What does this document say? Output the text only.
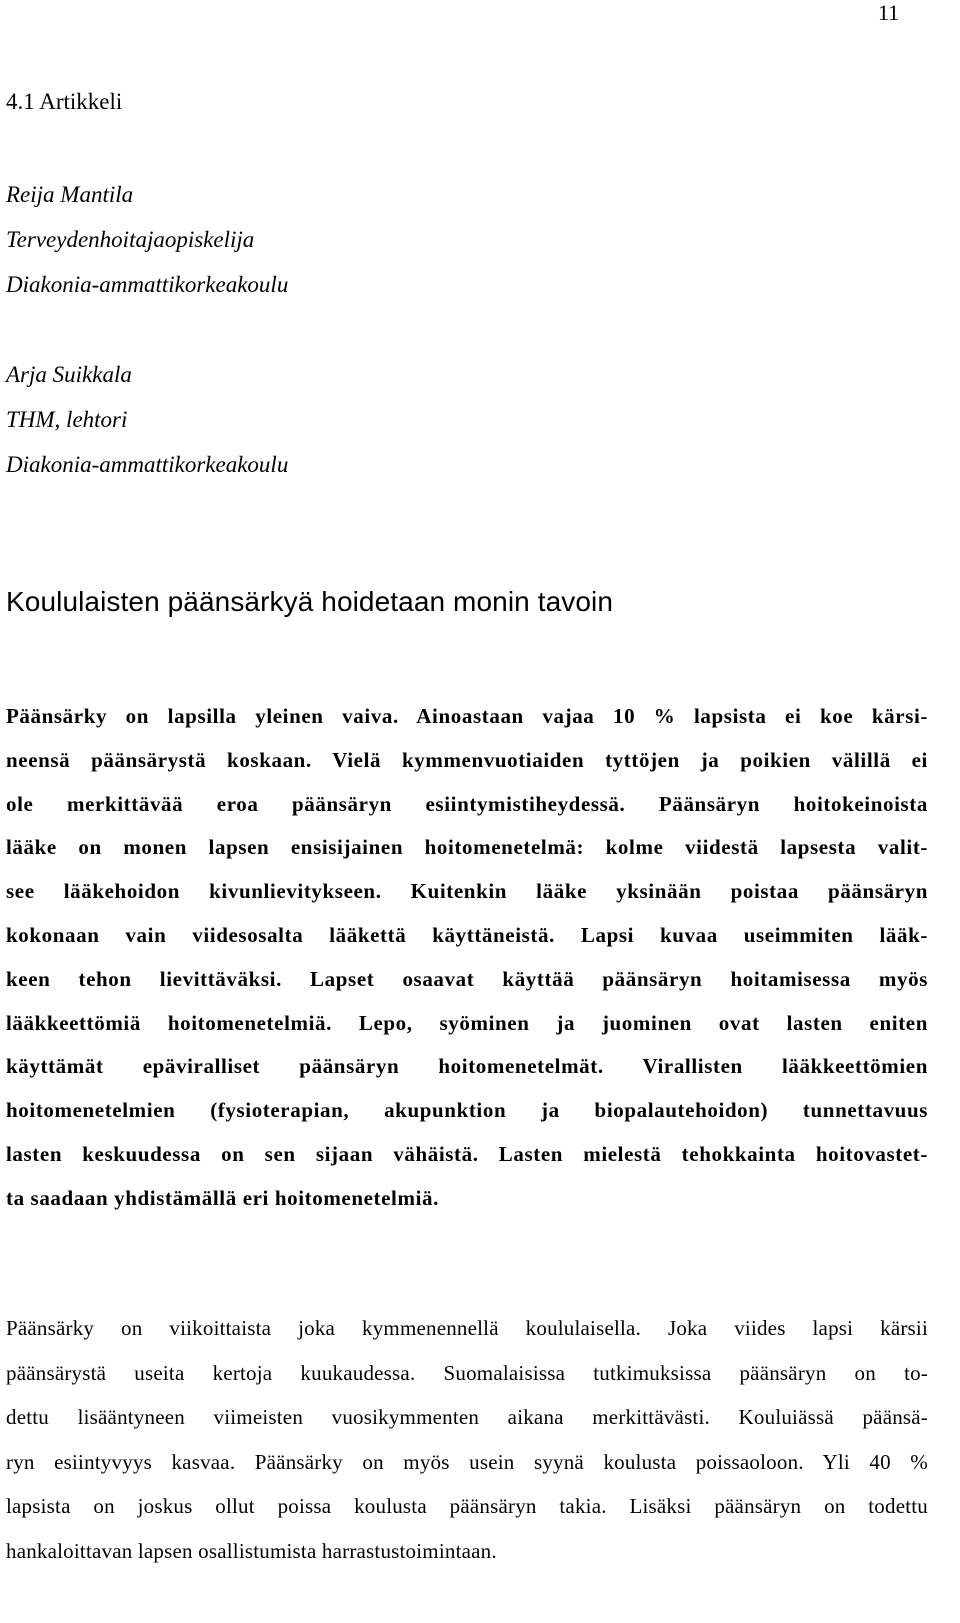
11
4.1 Artikkeli
Reija Mantila
Terveydenhoitajaopiskelija
Diakonia-ammattikorkeakoulu
Arja Suikkala
THM, lehtori
Diakonia-ammattikorkeakoulu
Koululaisten päänsärkyä hoidetaan monin tavoin
Päänsärky on lapsilla yleinen vaiva. Ainoastaan vajaa 10 % lapsista ei koe kärsi-
neensä päänsärystä koskaan. Vielä kymmenvuotiaiden tyttöjen ja poikien välillä ei
ole merkittävää eroa päänsäryn esiintymistiheydessä. Päänsäryn hoitokeinoista
lääke on monen lapsen ensisijainen hoitomenetelmä: kolme viidestä lapsesta valit-
see lääkehoidon kivunlievitykseen. Kuitenkin lääke yksinään poistaa päänsäryn
kokonaan vain viidesosalta lääkettä käyttäneistä. Lapsi kuvaa useimmiten lääk-
keen tehon lievittäväksi. Lapset osaavat käyttää päänsäryn hoitamisessa myös
lääkkeettömiä hoitomenetelmiä. Lepo, syöminen ja juominen ovat lasten eniten
käyttämät epäviralliset päänsäryn hoitomenetelmät. Virallisten lääkkeettömien
hoitomenetelmien (fysioterapian, akupunktion ja biopalautehoidon) tunnettavuus
lasten keskuudessa on sen sijaan vähäistä. Lasten mielestä tehokkainta hoitovastet-
ta saadaan yhdistämällä eri hoitomenetelmiä.
Päänsärky on viikoittaista joka kymmenennellä koululaisella. Joka viides lapsi kärsii
päänsärystä useita kertoja kuukaudessa. Suomalaisissa tutkimuksissa päänsäryn on to-
dettu lisääntyneen viimeisten vuosikymmenten aikana merkittävästi. Kouluiässä päänsä-
ryn esiintyvyys kasvaa. Päänsärky on myös usein syynä koulusta poissaoloon. Yli 40 %
lapsista on joskus ollut poissa koulusta päänsäryn takia. Lisäksi päänsäryn on todettu
hankaloittavan lapsen osallistumista harrastustoimintaan.
